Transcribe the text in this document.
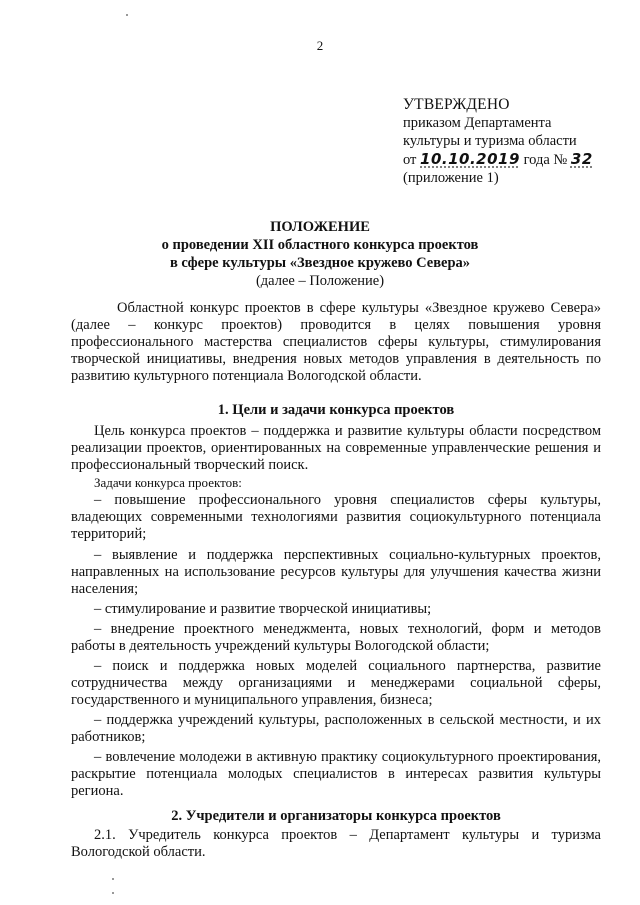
2
УТВЕРЖДЕНО
приказом Департамента
культуры и туризма области
от 10.10.2019 года № 32
(приложение 1)
ПОЛОЖЕНИЕ
о проведении XII областного конкурса проектов
в сфере культуры «Звездное кружево Севера»
(далее – Положение)

Областной конкурс проектов в сфере культуры «Звездное кружево Севера» (далее – конкурс проектов) проводится в целях повышения уровня профессионального мастерства специалистов сферы культуры, стимулирования творческой инициативы, внедрения новых методов управления в деятельность по развитию культурного потенциала Вологодской области.

1. Цели и задачи конкурса проектов

Цель конкурса проектов – поддержка и развитие культуры области посредством реализации проектов, ориентированных на современные управленческие решения и профессиональный творческий поиск.

Задачи конкурса проектов:

– повышение профессионального уровня специалистов сферы культуры, владеющих современными технологиями развития социокультурного потенциала территорий;

– выявление и поддержка перспективных социально-культурных проектов, направленных на использование ресурсов культуры для улучшения качества жизни населения;

– стимулирование и развитие творческой инициативы;

– внедрение проектного менеджмента, новых технологий, форм и методов работы в деятельность учреждений культуры Вологодской области;

– поиск и поддержка новых моделей социального партнерства, развитие сотрудничества между организациями и менеджерами социальной сферы, государственного и муниципального управления, бизнеса;

– поддержка учреждений культуры, расположенных в сельской местности, и их работников;

– вовлечение молодежи в активную практику социокультурного проектирования, раскрытие потенциала молодых специалистов в интересах развития культуры региона.

2. Учредители и организаторы конкурса проектов

2.1. Учредитель конкурса проектов – Департамент культуры и туризма Вологодской области.
